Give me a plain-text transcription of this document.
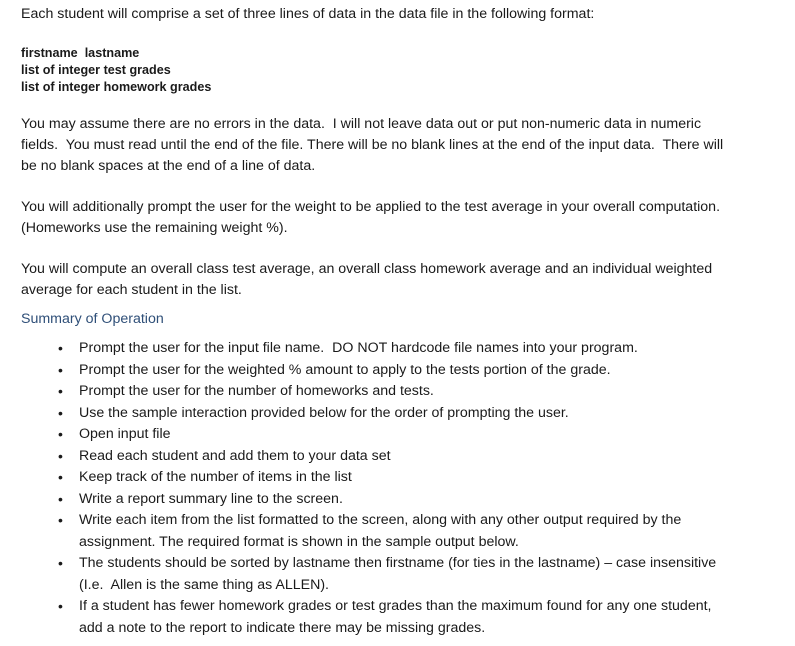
Each student will comprise a set of three lines of data in the data file in the following format:

firstname  lastname
list of integer test grades
list of integer homework grades

You may assume there are no errors in the data.  I will not leave data out or put non-numeric data in numeric fields.  You must read until the end of the file. There will be no blank lines at the end of the input data.  There will be no blank spaces at the end of a line of data.

You will additionally prompt the user for the weight to be applied to the test average in your overall computation.  (Homeworks use the remaining weight %).

You will compute an overall class test average, an overall class homework average and an individual weighted average for each student in the list.

Summary of Operation
• Prompt the user for the input file name.  DO NOT hardcode file names into your program.
• Prompt the user for the weighted % amount to apply to the tests portion of the grade.
• Prompt the user for the number of homeworks and tests.
• Use the sample interaction provided below for the order of prompting the user.
• Open input file
• Read each student and add them to your data set
• Keep track of the number of items in the list
• Write a report summary line to the screen.
• Write each item from the list formatted to the screen, along with any other output required by the assignment. The required format is shown in the sample output below.
• The students should be sorted by lastname then firstname (for ties in the lastname) – case insensitive (I.e.  Allen is the same thing as ALLEN).
• If a student has fewer homework grades or test grades than the maximum found for any one student, add a note to the report to indicate there may be missing grades.
